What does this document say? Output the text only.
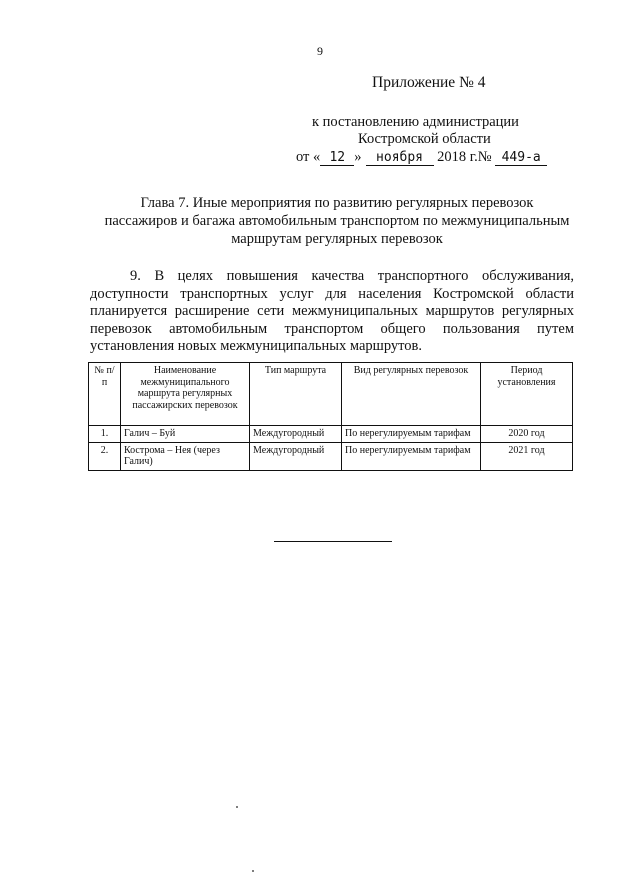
9
Приложение № 4
к постановлению администрации
Костромской области
от « 12 » ноября 2018 г.№ 449-а
Глава 7. Иные мероприятия по развитию регулярных перевозок
пассажиров и багажа автомобильным транспортом по межмуниципальным
маршрутам регулярных перевозок
9. В целях повышения качества транспортного обслуживания,
доступности транспортных услуг для населения Костромской области
планируется расширение сети межмуниципальных маршрутов регулярных
перевозок автомобильным транспортом общего пользования путем
установления новых межмуниципальных маршрутов.
№ п/п	Наименование межмуниципального маршрута регулярных пассажирских перевозок	Тип маршрута	Вид регулярных перевозок	Период установления
1.	Галич – Буй	Междугородный	По нерегулируемым тарифам	2020 год
2.	Кострома – Нея (через Галич)	Междугородный	По нерегулируемым тарифам	2021 год
